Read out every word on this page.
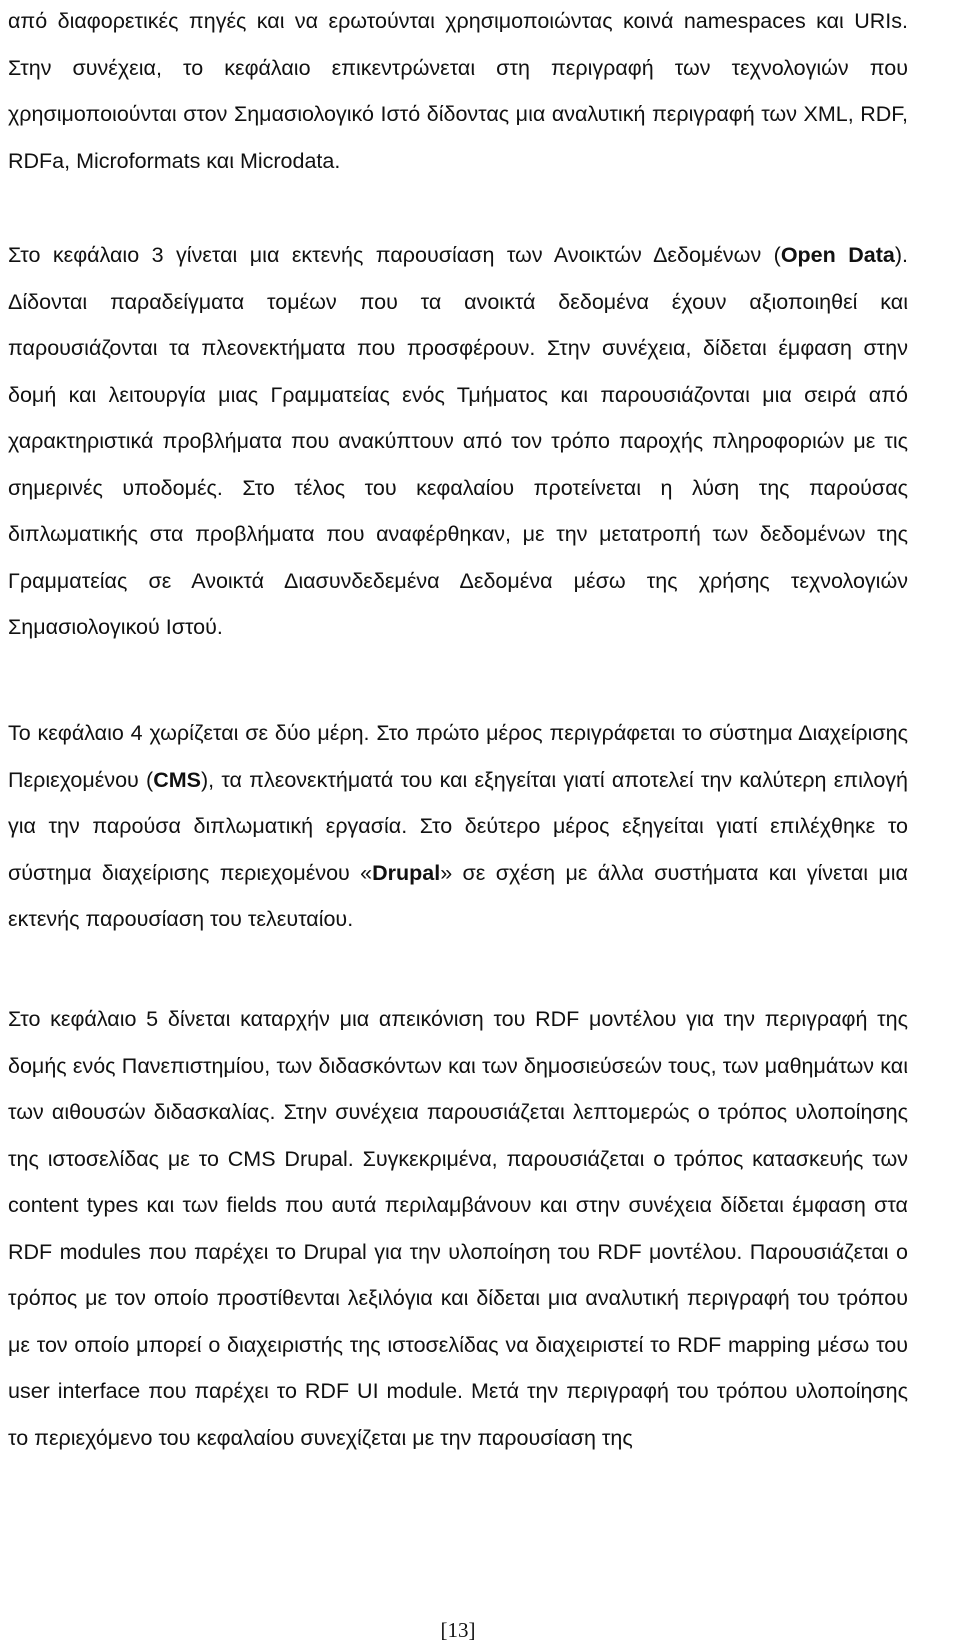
από διαφορετικές πηγές και να ερωτούνται χρησιμοποιώντας κοινά namespaces και URIs. Στην συνέχεια, το κεφάλαιο επικεντρώνεται στη περιγραφή των τεχνολογιών που χρησιμοποιούνται στον Σημασιολογικό Ιστό δίδοντας μια αναλυτική περιγραφή των XML, RDF, RDFa, Microformats και Microdata.

Στο κεφάλαιο 3 γίνεται μια εκτενής παρουσίαση των Ανοικτών Δεδομένων (Open Data). Δίδονται παραδείγματα τομέων που τα ανοικτά δεδομένα έχουν αξιοποιηθεί και παρουσιάζονται τα πλεονεκτήματα που προσφέρουν. Στην συνέχεια, δίδεται έμφαση στην δομή και λειτουργία μιας Γραμματείας ενός Τμήματος και παρουσιάζονται μια σειρά από χαρακτηριστικά προβλήματα που ανακύπτουν από τον τρόπο παροχής πληροφοριών με τις σημερινές υποδομές. Στο τέλος του κεφαλαίου προτείνεται η λύση της παρούσας διπλωματικής στα προβλήματα που αναφέρθηκαν, με την μετατροπή των δεδομένων της Γραμματείας σε Ανοικτά Διασυνδεδεμένα Δεδομένα μέσω της χρήσης τεχνολογιών Σημασιολογικού Ιστού.

Το κεφάλαιο 4 χωρίζεται σε δύο μέρη. Στο πρώτο μέρος περιγράφεται το σύστημα Διαχείρισης Περιεχομένου (CMS), τα πλεονεκτήματά του και εξηγείται γιατί αποτελεί την καλύτερη επιλογή για την παρούσα διπλωματική εργασία. Στο δεύτερο μέρος εξηγείται γιατί επιλέχθηκε το σύστημα διαχείρισης περιεχομένου «Drupal» σε σχέση με άλλα συστήματα και γίνεται μια εκτενής παρουσίαση του τελευταίου.

Στο κεφάλαιο 5 δίνεται καταρχήν μια απεικόνιση του RDF μοντέλου για την περιγραφή της δομής ενός Πανεπιστημίου, των διδασκόντων και των δημοσιεύσεών τους, των μαθημάτων και των αιθουσών διδασκαλίας. Στην συνέχεια παρουσιάζεται λεπτομερώς ο τρόπος υλοποίησης της ιστοσελίδας με το CMS Drupal. Συγκεκριμένα, παρουσιάζεται ο τρόπος κατασκευής των content types και των fields που αυτά περιλαμβάνουν και στην συνέχεια δίδεται έμφαση στα RDF modules που παρέχει το Drupal για την υλοποίηση του RDF μοντέλου. Παρουσιάζεται ο τρόπος με τον οποίο προστίθενται λεξιλόγια και δίδεται μια αναλυτική περιγραφή του τρόπου με τον οποίο μπορεί ο διαχειριστής της ιστοσελίδας να διαχειριστεί το RDF mapping μέσω του user interface που παρέχει το RDF UI module. Μετά την περιγραφή του τρόπου υλοποίησης το περιεχόμενο του κεφαλαίου συνεχίζεται με την παρουσίαση της

[13]
